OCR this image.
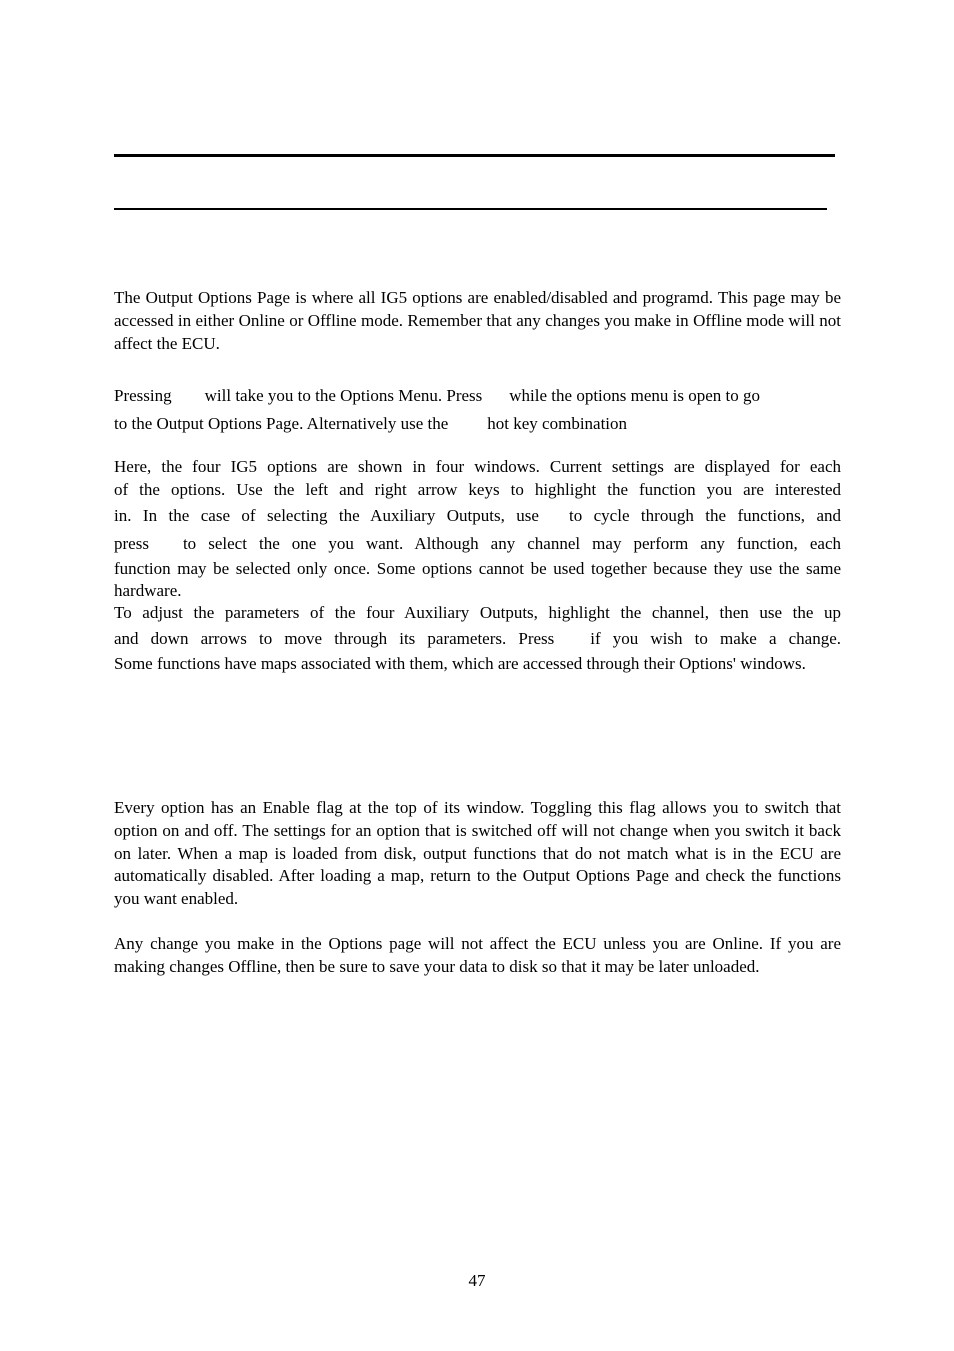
The Output Options Page is where all IG5 options are enabled/disabled and programd. This page may be accessed in either Online or Offline mode. Remember that any changes you make in Offline mode will not affect the ECU.

Pressing will take you to the Options Menu. Press while the options menu is open to go
to the Output Options Page. Alternatively use the hot key combination
Here, the four IG5 options are shown in four windows. Current settings are displayed for each
of the options. Use the left and right arrow keys to highlight the function you are interested
in. In the case of selecting the Auxiliary Outputs, use to cycle through the functions, and
press to select the one you want. Although any channel may perform any function, each
function may be selected only once. Some options cannot be used together because they use the same hardware.
To adjust the parameters of the four Auxiliary Outputs, highlight the channel, then use the up
and down arrows to move through its parameters. Press if you wish to make a change.
Some functions have maps associated with them, which are accessed through their Options' windows.

Every option has an Enable flag at the top of its window. Toggling this flag allows you to switch that option on and off. The settings for an option that is switched off will not change when you switch it back on later. When a map is loaded from disk, output functions that do not match what is in the ECU are automatically disabled. After loading a map, return to the Output Options Page and check the functions you want enabled.

Any change you make in the Options page will not affect the ECU unless you are Online. If you are making changes Offline, then be sure to save your data to disk so that it may be later unloaded.

47
